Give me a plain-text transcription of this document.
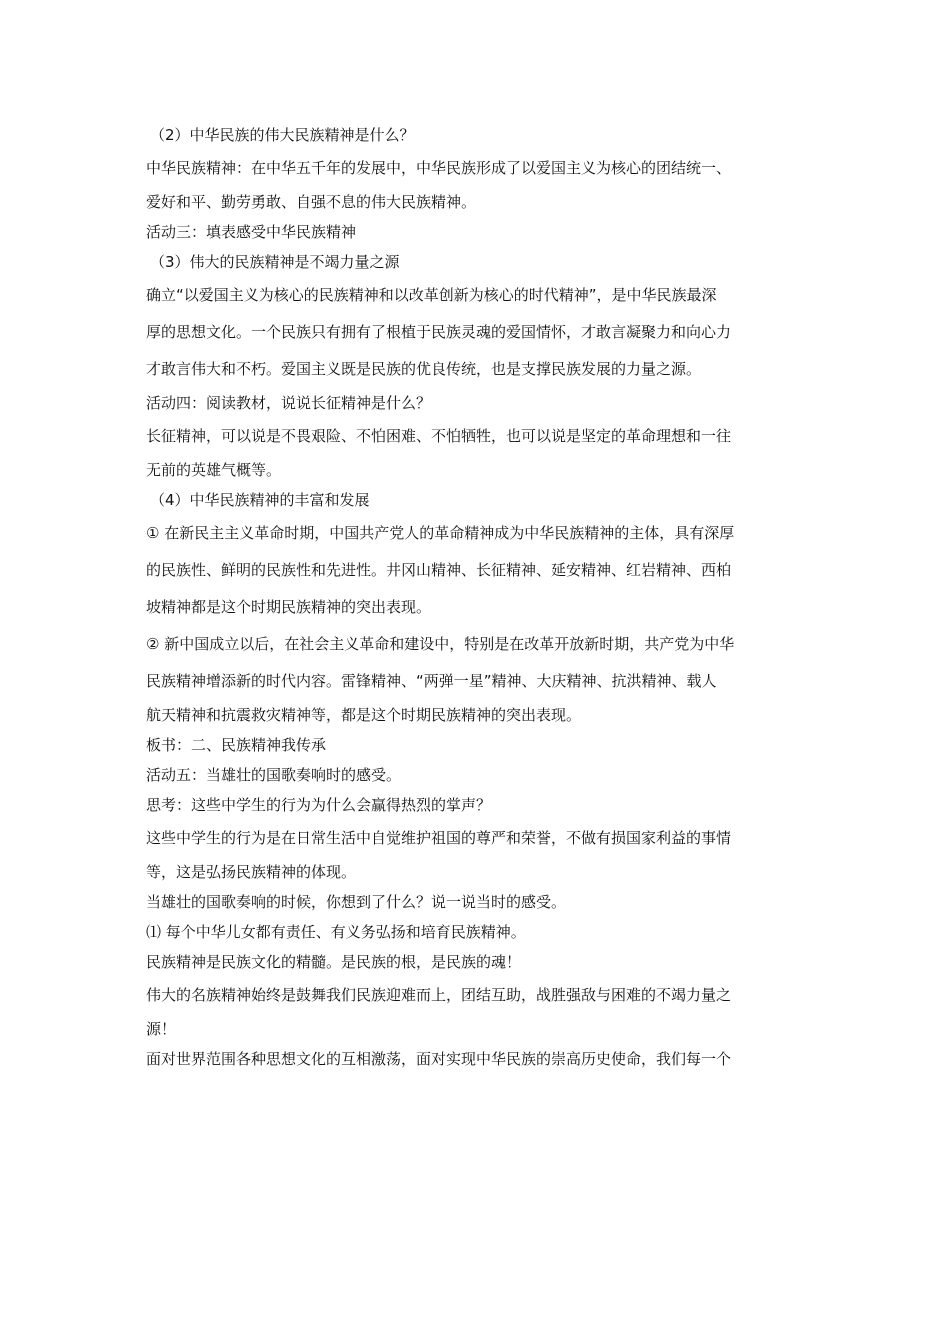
（2）中华民族的伟大民族精神是什么？

中华民族精神：在中华五千年的发展中，中华民族形成了以爱国主义为核心的团结统一、

爱好和平、勤劳勇敢、自强不息的伟大民族精神。

活动三：填表感受中华民族精神

（3）伟大的民族精神是不竭力量之源

确立“以爱国主义为核心的民族精神和以改革创新为核心的时代精神”，是中华民族最深

厚的思想文化。一个民族只有拥有了根植于民族灵魂的爱国情怀，才敢言凝聚力和向心力

才敢言伟大和不朽。爱国主义既是民族的优良传统，也是支撑民族发展的力量之源。

活动四：阅读教材，说说长征精神是什么？

长征精神，可以说是不畏艰险、不怕困难、不怕牺牲，也可以说是坚定的革命理想和一往

无前的英雄气概等。

（4）中华民族精神的丰富和发展

① 在新民主主义革命时期，中国共产党人的革命精神成为中华民族精神的主体，具有深厚

的民族性、鲜明的民族性和先进性。井冈山精神、长征精神、延安精神、红岩精神、西柏

坡精神都是这个时期民族精神的突出表现。

② 新中国成立以后，在社会主义革命和建设中，特别是在改革开放新时期，共产党为中华

民族精神增添新的时代内容。雷锋精神、“两弹一星”精神、大庆精神、抗洪精神、载人

航天精神和抗震救灾精神等，都是这个时期民族精神的突出表现。

板书：二、民族精神我传承

活动五：当雄壮的国歌奏响时的感受。

思考：这些中学生的行为为什么会赢得热烈的掌声？

这些中学生的行为是在日常生活中自觉维护祖国的尊严和荣誉，不做有损国家利益的事情

等，这是弘扬民族精神的体现。

当雄壮的国歌奏响的时候，你想到了什么？说一说当时的感受。

⑴ 每个中华儿女都有责任、有义务弘扬和培育民族精神。

民族精神是民族文化的精髓。是民族的根，是民族的魂！

伟大的名族精神始终是鼓舞我们民族迎难而上，团结互助，战胜强敌与困难的不竭力量之

源！

面对世界范围各种思想文化的互相激荡，面对实现中华民族的崇高历史使命，我们每一个
